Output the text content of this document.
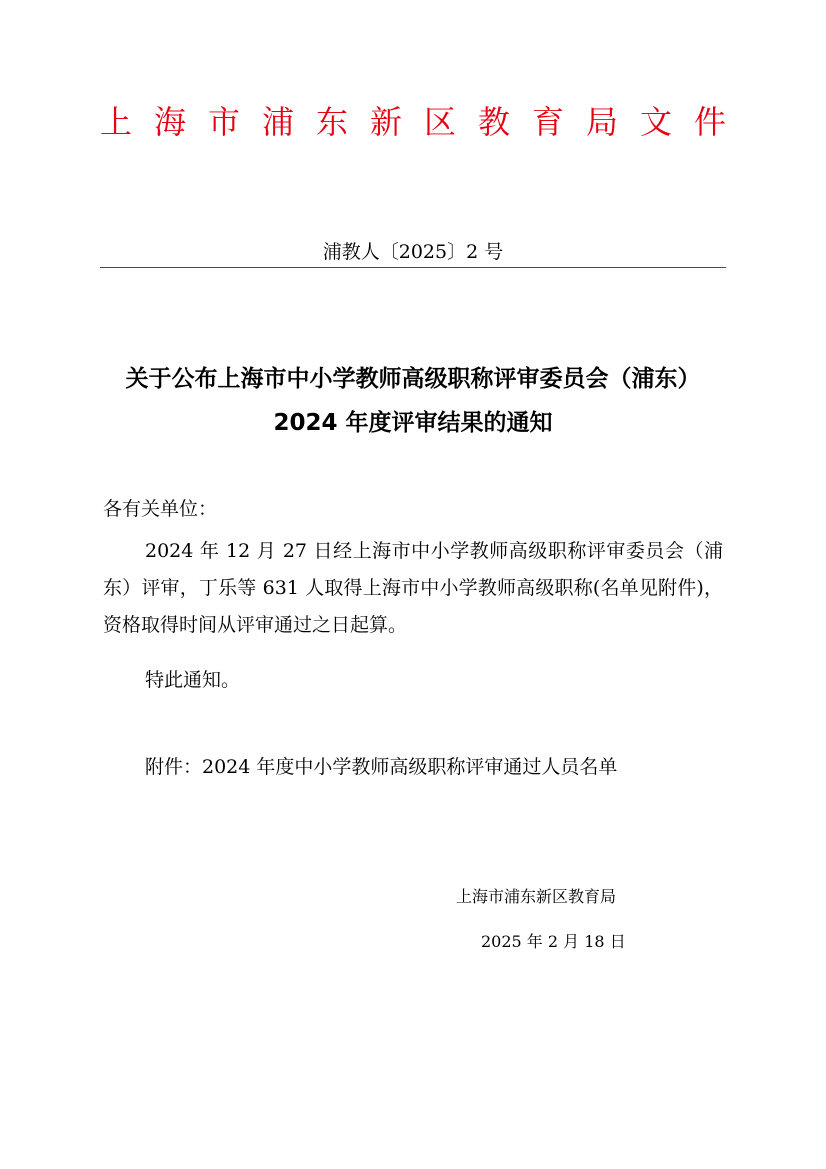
上 海 市 浦 东 新 区 教 育 局 文 件
浦教人〔2025〕2 号
关于公布上海市中小学教师高级职称评审委员会（浦东）
2024 年度评审结果的通知
各有关单位：

2024 年 12 月 27 日经上海市中小学教师高级职称评审委员会（浦东）评审，丁乐等 631 人取得上海市中小学教师高级职称(名单见附件)，资格取得时间从评审通过之日起算。

特此通知。
附件：2024 年度中小学教师高级职称评审通过人员名单
上海市浦东新区教育局
2025 年 2 月 18 日
